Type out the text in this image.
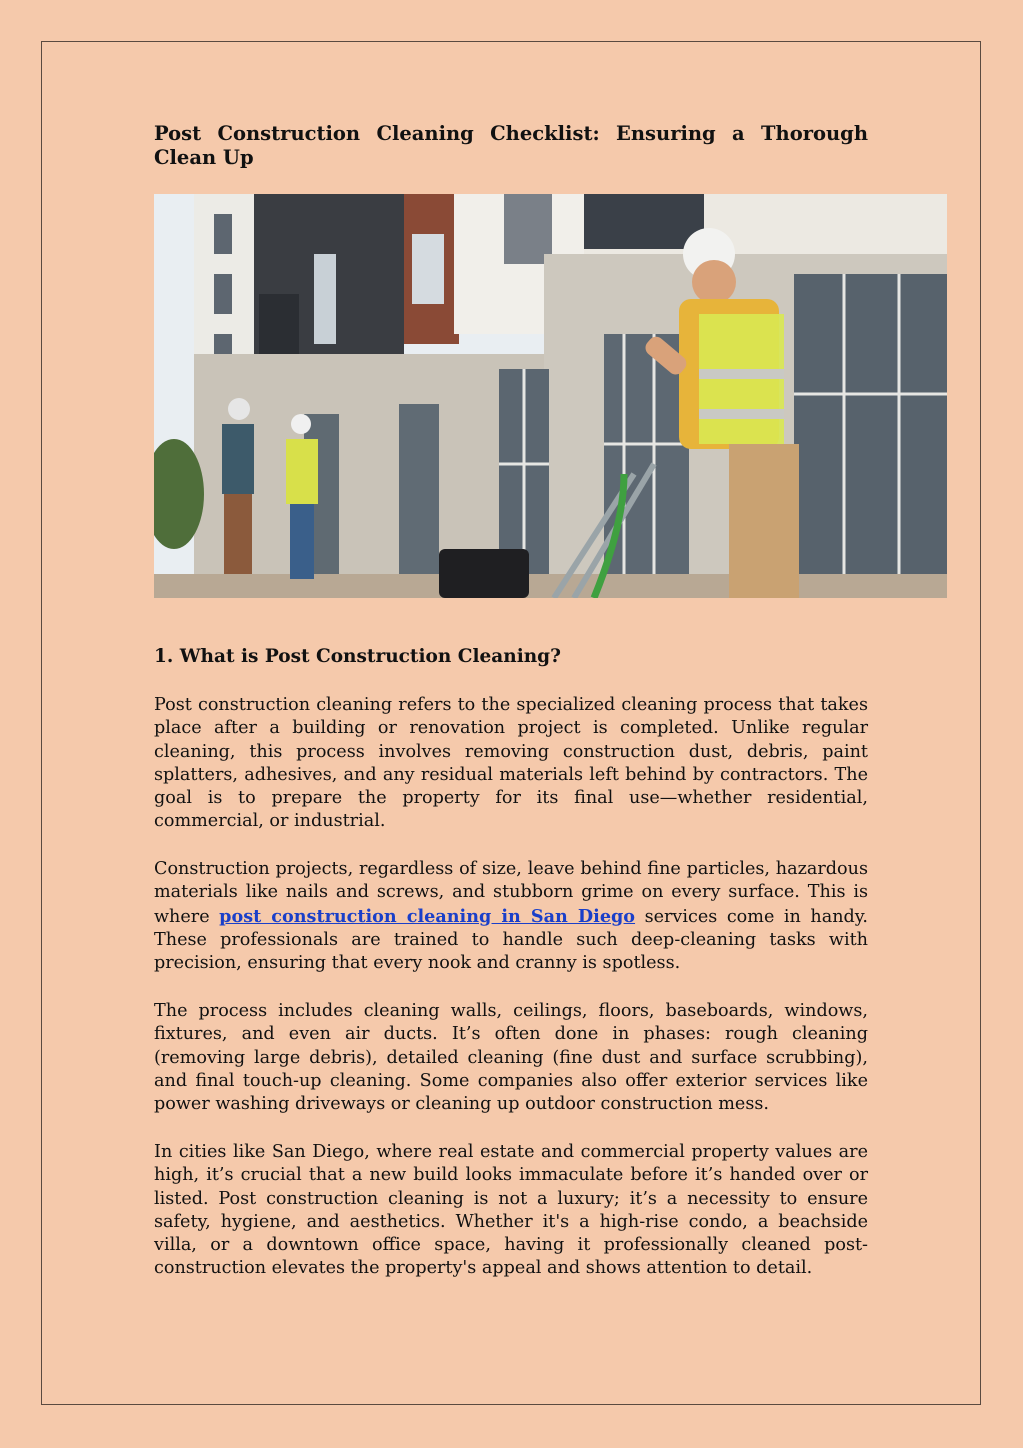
Post Construction Cleaning Checklist: Ensuring a Thorough Clean Up
1. What is Post Construction Cleaning?

Post construction cleaning refers to the specialized cleaning process that takes place after a building or renovation project is completed. Unlike regular cleaning, this process involves removing construction dust, debris, paint splatters, adhesives, and any residual materials left behind by contractors. The goal is to prepare the property for its final use—whether residential, commercial, or industrial.

Construction projects, regardless of size, leave behind fine particles, hazardous materials like nails and screws, and stubborn grime on every surface. This is where post construction cleaning in San Diego services come in handy. These professionals are trained to handle such deep-cleaning tasks with precision, ensuring that every nook and cranny is spotless.

The process includes cleaning walls, ceilings, floors, baseboards, windows, fixtures, and even air ducts. It’s often done in phases: rough cleaning (removing large debris), detailed cleaning (fine dust and surface scrubbing), and final touch-up cleaning. Some companies also offer exterior services like power washing driveways or cleaning up outdoor construction mess.

In cities like San Diego, where real estate and commercial property values are high, it’s crucial that a new build looks immaculate before it’s handed over or listed. Post construction cleaning is not a luxury; it’s a necessity to ensure safety, hygiene, and aesthetics. Whether it's a high-rise condo, a beachside villa, or a downtown office space, having it professionally cleaned post-construction elevates the property's appeal and shows attention to detail.
